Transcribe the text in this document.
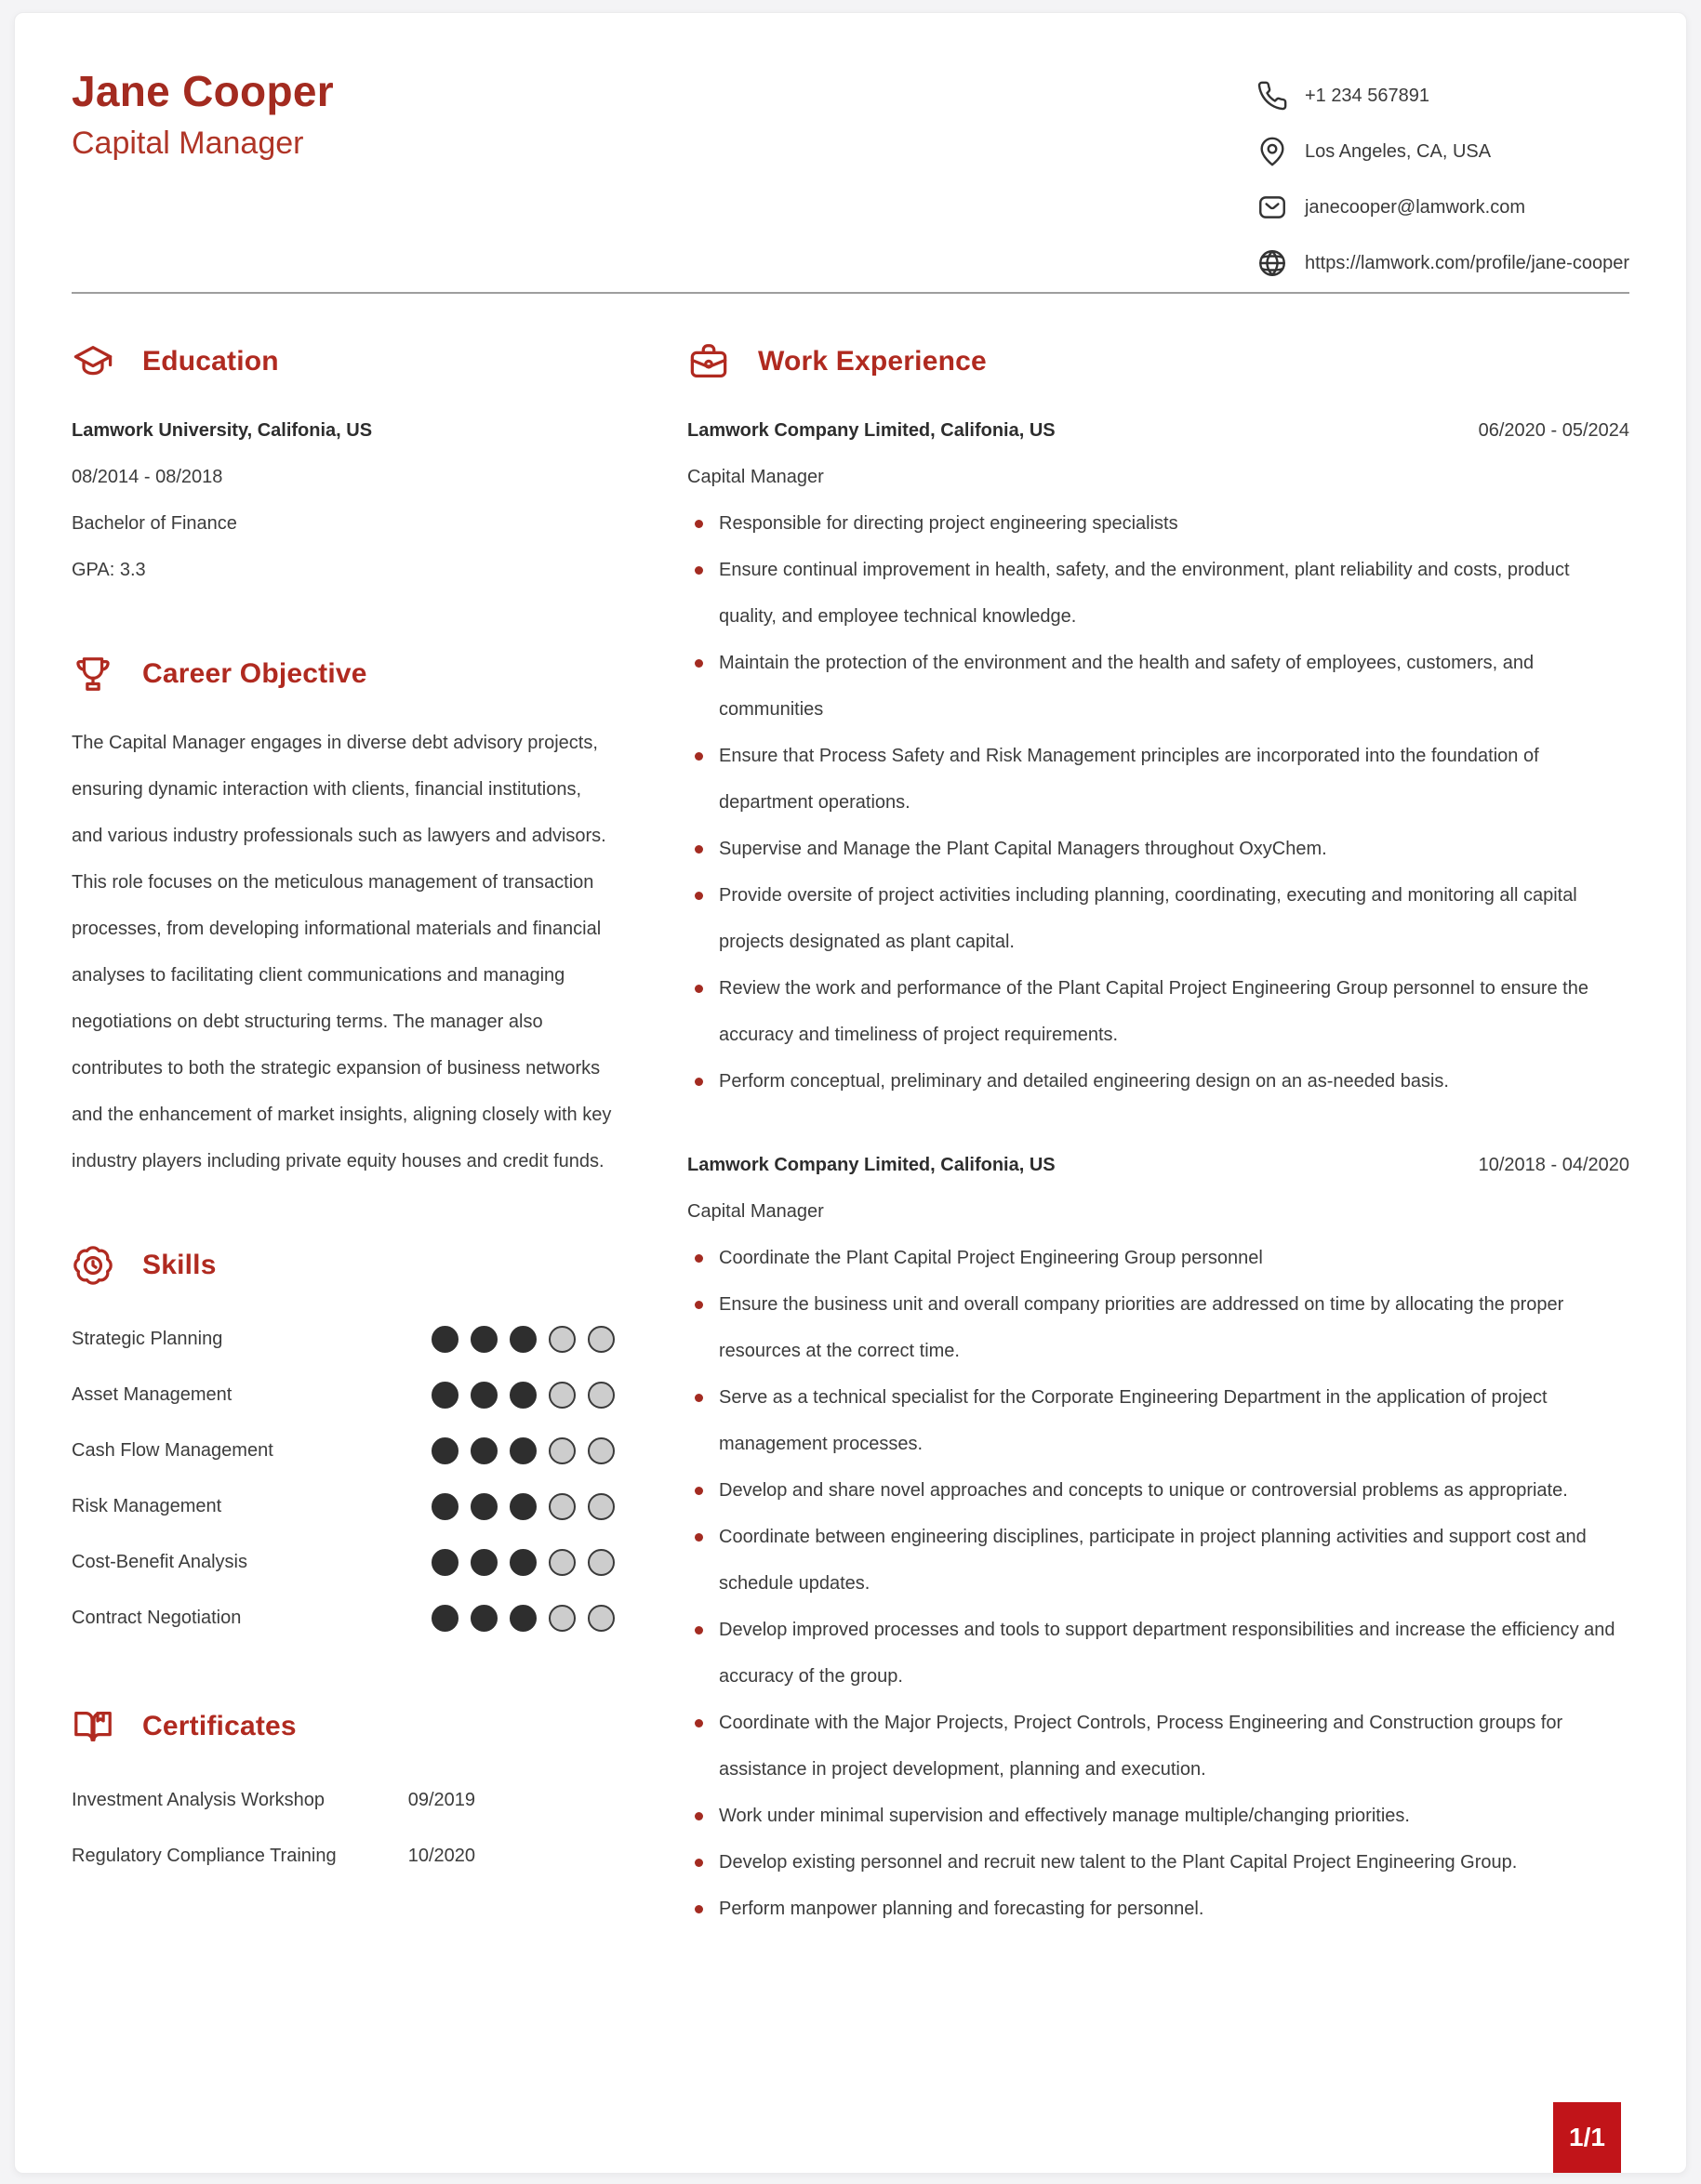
Jane Cooper
Capital Manager
+1 234 567891
Los Angeles, CA, USA
janecooper@lamwork.com
https://lamwork.com/profile/jane-cooper
Education
Lamwork University, Califonia, US
08/2014 - 08/2018
Bachelor of Finance
GPA: 3.3
Career Objective

The Capital Manager engages in diverse debt advisory projects, ensuring dynamic interaction with clients, financial institutions, and various industry professionals such as lawyers and advisors. This role focuses on the meticulous management of transaction processes, from developing informational materials and financial analyses to facilitating client communications and managing negotiations on debt structuring terms. The manager also contributes to both the strategic expansion of business networks and the enhancement of market insights, aligning closely with key industry players including private equity houses and credit funds.

Skills
Strategic Planning
Asset Management
Cash Flow Management
Risk Management
Cost-Benefit Analysis
Contract Negotiation
Certificates
Investment Analysis Workshop	09/2019
Regulatory Compliance Training	10/2020
Work Experience
Lamwork Company Limited, Califonia, US	06/2020 - 05/2024
Capital Manager
Responsible for directing project engineering specialists
Ensure continual improvement in health, safety, and the environment, plant reliability and costs, product quality, and employee technical knowledge.
Maintain the protection of the environment and the health and safety of employees, customers, and communities
Ensure that Process Safety and Risk Management principles are incorporated into the foundation of department operations.
Supervise and Manage the Plant Capital Managers throughout OxyChem.
Provide oversite of project activities including planning, coordinating, executing and monitoring all capital projects designated as plant capital.
Review the work and performance of the Plant Capital Project Engineering Group personnel to ensure the accuracy and timeliness of project requirements.
Perform conceptual, preliminary and detailed engineering design on an as-needed basis.
Lamwork Company Limited, Califonia, US	10/2018 - 04/2020
Capital Manager
Coordinate the Plant Capital Project Engineering Group personnel
Ensure the business unit and overall company priorities are addressed on time by allocating the proper resources at the correct time.
Serve as a technical specialist for the Corporate Engineering Department in the application of project management processes.
Develop and share novel approaches and concepts to unique or controversial problems as appropriate.
Coordinate between engineering disciplines, participate in project planning activities and support cost and schedule updates.
Develop improved processes and tools to support department responsibilities and increase the efficiency and accuracy of the group.
Coordinate with the Major Projects, Project Controls, Process Engineering and Construction groups for assistance in project development, planning and execution.
Work under minimal supervision and effectively manage multiple/changing priorities.
Develop existing personnel and recruit new talent to the Plant Capital Project Engineering Group.
Perform manpower planning and forecasting for personnel.
1/1
